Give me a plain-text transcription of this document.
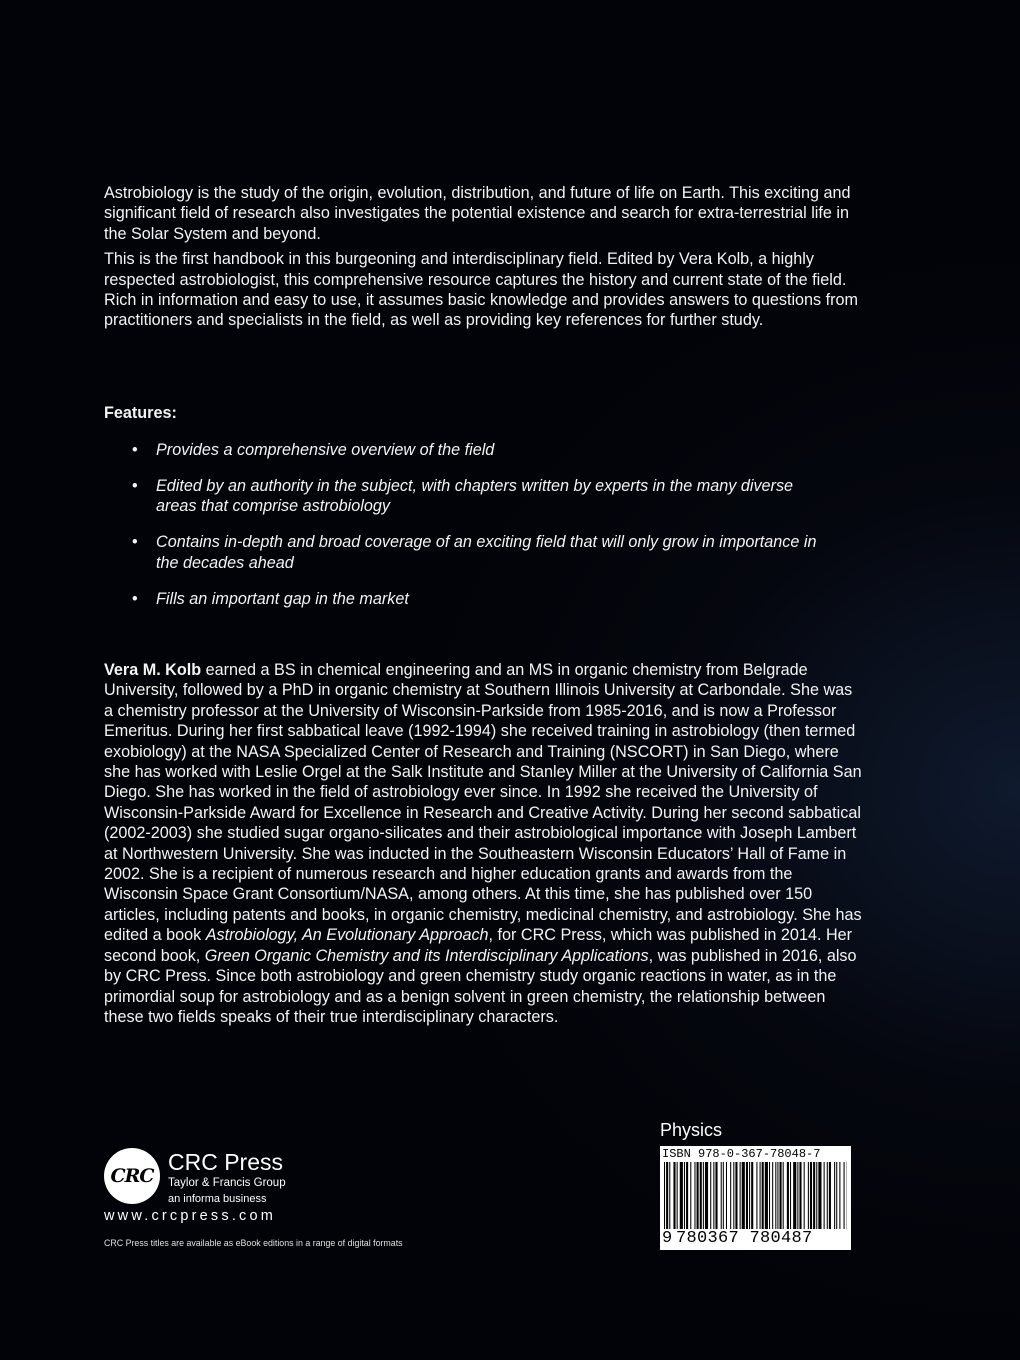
Astrobiology is the study of the origin, evolution, distribution, and future of life on Earth. This exciting and significant field of research also investigates the potential existence and search for extra-terrestrial life in the Solar System and beyond.

This is the first handbook in this burgeoning and interdisciplinary field. Edited by Vera Kolb, a highly respected astrobiologist, this comprehensive resource captures the history and current state of the field. Rich in information and easy to use, it assumes basic knowledge and provides answers to questions from practitioners and specialists in the field, as well as providing key references for further study.

Features:
• Provides a comprehensive overview of the field
• Edited by an authority in the subject, with chapters written by experts in the many diverse areas that comprise astrobiology
• Contains in-depth and broad coverage of an exciting field that will only grow in importance in the decades ahead
• Fills an important gap in the market

Vera M. Kolb earned a BS in chemical engineering and an MS in organic chemistry from Belgrade University, followed by a PhD in organic chemistry at Southern Illinois University at Carbondale. She was a chemistry professor at the University of Wisconsin-Parkside from 1985-2016, and is now a Professor Emeritus. During her first sabbatical leave (1992-1994) she received training in astrobiology (then termed exobiology) at the NASA Specialized Center of Research and Training (NSCORT) in San Diego, where she has worked with Leslie Orgel at the Salk Institute and Stanley Miller at the University of California San Diego. She has worked in the field of astrobiology ever since. In 1992 she received the University of Wisconsin-Parkside Award for Excellence in Research and Creative Activity. During her second sabbatical (2002-2003) she studied sugar organo-silicates and their astrobiological importance with Joseph Lambert at Northwestern University. She was inducted in the Southeastern Wisconsin Educators’ Hall of Fame in 2002. She is a recipient of numerous research and higher education grants and awards from the Wisconsin Space Grant Consortium/NASA, among others. At this time, she has published over 150 articles, including patents and books, in organic chemistry, medicinal chemistry, and astrobiology. She has edited a book Astrobiology, An Evolutionary Approach, for CRC Press, which was published in 2014. Her second book, Green Organic Chemistry and its Interdisciplinary Applications, was published in 2016, also by CRC Press. Since both astrobiology and green chemistry study organic reactions in water, as in the primordial soup for astrobiology and as a benign solvent in green chemistry, the relationship between these two fields speaks of their true interdisciplinary characters.

CRC
CRC Press
Taylor & Francis Group
an informa business
www.crcpress.com
CRC Press titles are available as eBook editions in a range of digital formats
Physics
ISBN 978-0-367-78048-7
9 780367 780487
